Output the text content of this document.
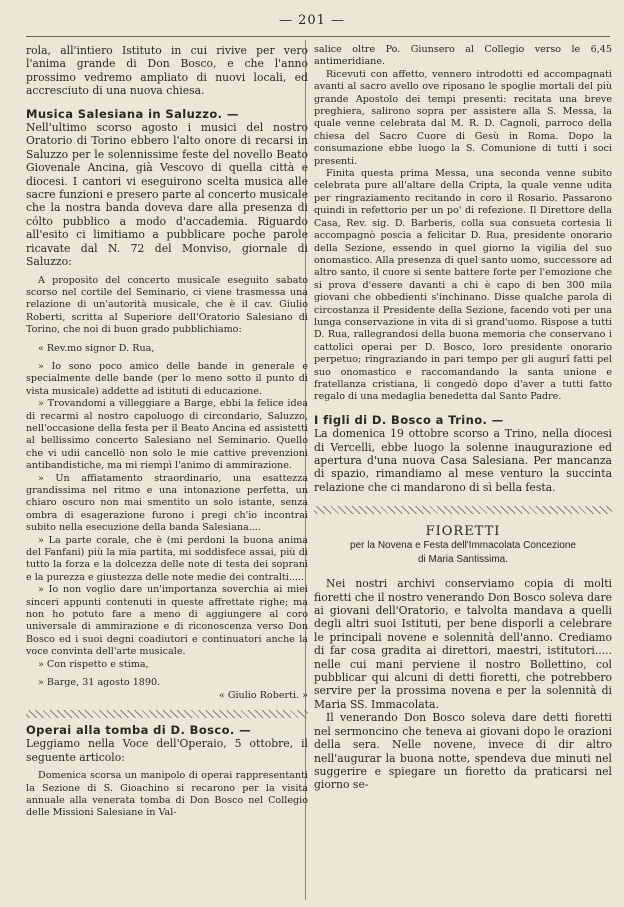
— 201 —

rola, all'intiero Istituto in cui rivive per vero l'anima grande di Don Bosco, e che l'anno prossimo vedremo ampliato di nuovi locali, ed accresciuto di una nuova chiesa.

Musica Salesiana in Saluzzo. —

Nell'ultimo scorso agosto i musici del nostro Oratorio di Torino ebbero l'alto onore di recarsi in Saluzzo per le solennissime feste del novello Beato Giovenale Ancina, già Vescovo di quella città e diocesi. I cantori vi eseguirono scelta musica alle sacre funzioni e presero parte al concerto musicale che la nostra banda doveva dare alla presenza di cólto pubblico a modo d'accademia. Riguardo all'esito ci limitiamo a pubblicare poche parole ricavate dal N. 72 del Monviso, giornale di Saluzzo:

A proposito del concerto musicale eseguito sabato scorso nel cortile del Seminario, ci viene trasmessa una relazione di un'autorità musicale, che è il cav. Giulio Roberti, scritta al Superiore dell'Oratorio Salesiano di Torino, che noi di buon grado pubblichiamo:

« Rev.mo signor D. Rua,

» Io sono poco amico delle bande in generale e specialmente delle bande (per lo meno sotto il punto di vista musicale) addette ad istituti di educazione.

» Trovandomi a villeggiare a Barge, ebbi la felice idea di recarmi al nostro capoluogo di circondario, Saluzzo, nell'occasione della festa per il Beato Ancina ed assistetti al bellissimo concerto Salesiano nel Seminario. Quello che vi udii cancellò non solo le mie cattive prevenzioni antibandistiche, ma mi riempì l'animo di ammirazione.

» Un affiatamento straordinario, una esattezza grandissima nel ritmo e una intonazione perfetta, un chiaro oscuro non mai smentito un solo istante, senza ombra di esagerazione furono i pregi ch'io incontrai subito nella esecuzione della banda Salesiana....

» La parte corale, che è (mi perdoni la buona anima del Fanfani) più la mia partita, mi soddisfece assai, più di tutto la forza e la dolcezza delle note di testa dei soprani e la purezza e giustezza delle note medie dei contralti.....

» Io non voglio dare un'importanza soverchia ai miei sinceri appunti contenuti in queste affrettate righe; ma non ho potuto fare a meno di aggiungere al coro universale di ammirazione e di riconoscenza verso Don Bosco ed i suoi degni coadiutori e continuatori anche la voce convinta dell'arte musicale.

» Con rispetto e stima,

» Barge, 31 agosto 1890.

« Giulio Roberti. »

Operai alla tomba di D. Bosco. —

Leggiamo nella Voce dell'Operaio, 5 ottobre, il seguente articolo:

Domenica scorsa un manipolo di operai rappresentanti la Sezione di S. Gioachino si recarono per la visita annuale alla venerata tomba di Don Bosco nel Collegio delle Missioni Salesiane in Val-

salice oltre Po. Giunsero al Collegio verso le 6,45 antimeridiane.

Ricevuti con affetto, vennero introdotti ed accompagnati avanti al sacro avello ove riposano le spoglie mortali del più grande Apostolo dei tempi presenti: recitata una breve preghiera, salirono sopra per assistere alla S. Messa, la quale venne celebrata dal M. R. D. Cagnoli, parroco della chiesa del Sacro Cuore di Gesù in Roma. Dopo la consumazione ebbe luogo la S. Comunione di tutti i soci presenti.

Finita questa prima Messa, una seconda venne subito celebrata pure all'altare della Cripta, la quale venne udita per ringraziamento recitando in coro il Rosario. Passarono quindi in refettorio per un po' di refezione. Il Direttore della Casa, Rev. sig. D. Barberis, colla sua consueta cortesia li accompagnò poscia a felicitar D. Rua, presidente onorario della Sezione, essendo in quel giorno la vigilia del suo onomastico. Alla presenza di quel santo uomo, successore ad altro santo, il cuore si sente battere forte per l'emozione che si prova d'essere davanti a chi è capo di ben 300 mila giovani che obbedienti s'inchinano. Disse qualche parola di circostanza il Presidente della Sezione, facendo voti per una lunga conservazione in vita di sì grand'uomo. Rispose a tutti D. Rua, rallegrandosi della buona memoria che conservano i cattolici operai per D. Bosco, loro presidente onorario perpetuo; ringraziando in pari tempo per gli augurî fatti pel suo onomastico e raccomandando la santa unione e fratellanza cristiana, li congedò dopo d'aver a tutti fatto regalo di una medaglia benedetta dal Santo Padre.

I figli di D. Bosco a Trino. —

La domenica 19 ottobre scorso a Trino, nella diocesi di Vercelli, ebbe luogo la solenne inaugurazione ed apertura d'una nuova Casa Salesiana. Per mancanza di spazio, rimandiamo al mese venturo la succinta relazione che ci mandarono di sì bella festa.

FIORETTI
per la Novena e Festa dell'Immacolata Concezione
di Maria Santissima.

Nei nostri archivi conserviamo copia di molti fioretti che il nostro venerando Don Bosco soleva dare ai giovani dell'Oratorio, e talvolta mandava a quelli degli altri suoi Istituti, per bene disporli a celebrare le principali novene e solennità dell'anno. Crediamo di far cosa gradita ai direttori, maestri, istitutori..... nelle cui mani perviene il nostro Bollettino, col pubblicar qui alcuni di detti fioretti, che potrebbero servire per la prossima novena e per la solennità di Maria SS. Immacolata.

Il venerando Don Bosco soleva dare detti fioretti nel sermoncino che teneva ai giovani dopo le orazioni della sera. Nelle novene, invece di dir altro nell'augurar la buona notte, spendeva due minuti nel suggerire e spiegare un fioretto da praticarsi nel giorno se-
